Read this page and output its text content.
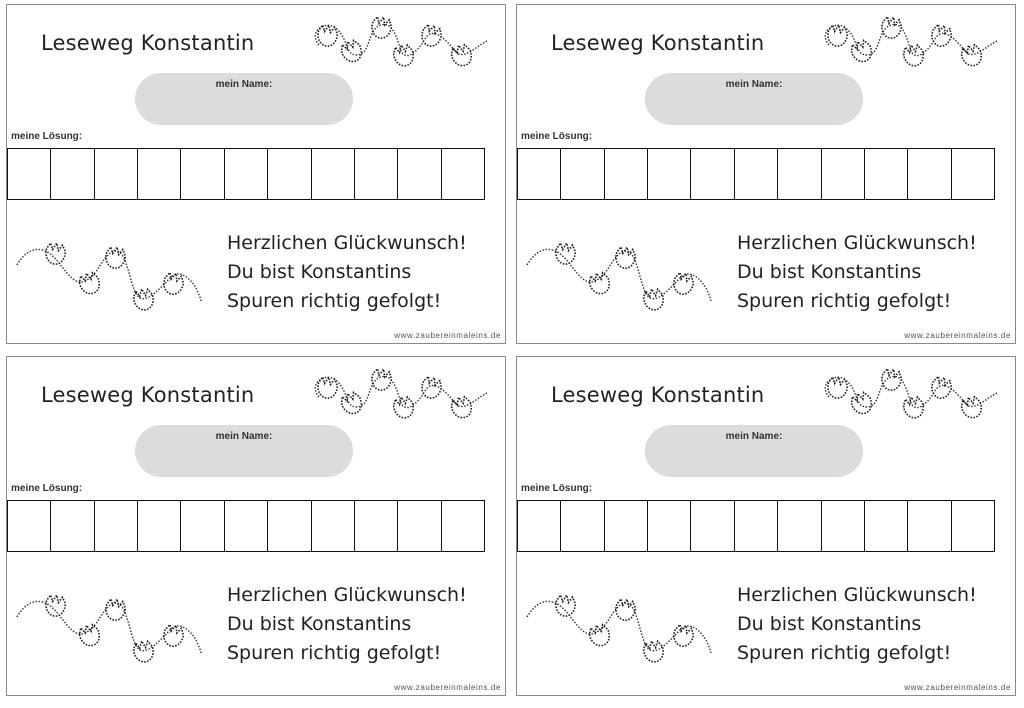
Leseweg Konstantin
mein Name:
meine Lösung:
Herzlichen Glückwunsch!
Du bist Konstantins
Spuren richtig gefolgt!
www.zaubereinmaleins.de
Leseweg Konstantin
mein Name:
meine Lösung:
Herzlichen Glückwunsch!
Du bist Konstantins
Spuren richtig gefolgt!
www.zaubereinmaleins.de
Leseweg Konstantin
mein Name:
meine Lösung:
Herzlichen Glückwunsch!
Du bist Konstantins
Spuren richtig gefolgt!
www.zaubereinmaleins.de
Leseweg Konstantin
mein Name:
meine Lösung:
Herzlichen Glückwunsch!
Du bist Konstantins
Spuren richtig gefolgt!
www.zaubereinmaleins.de
